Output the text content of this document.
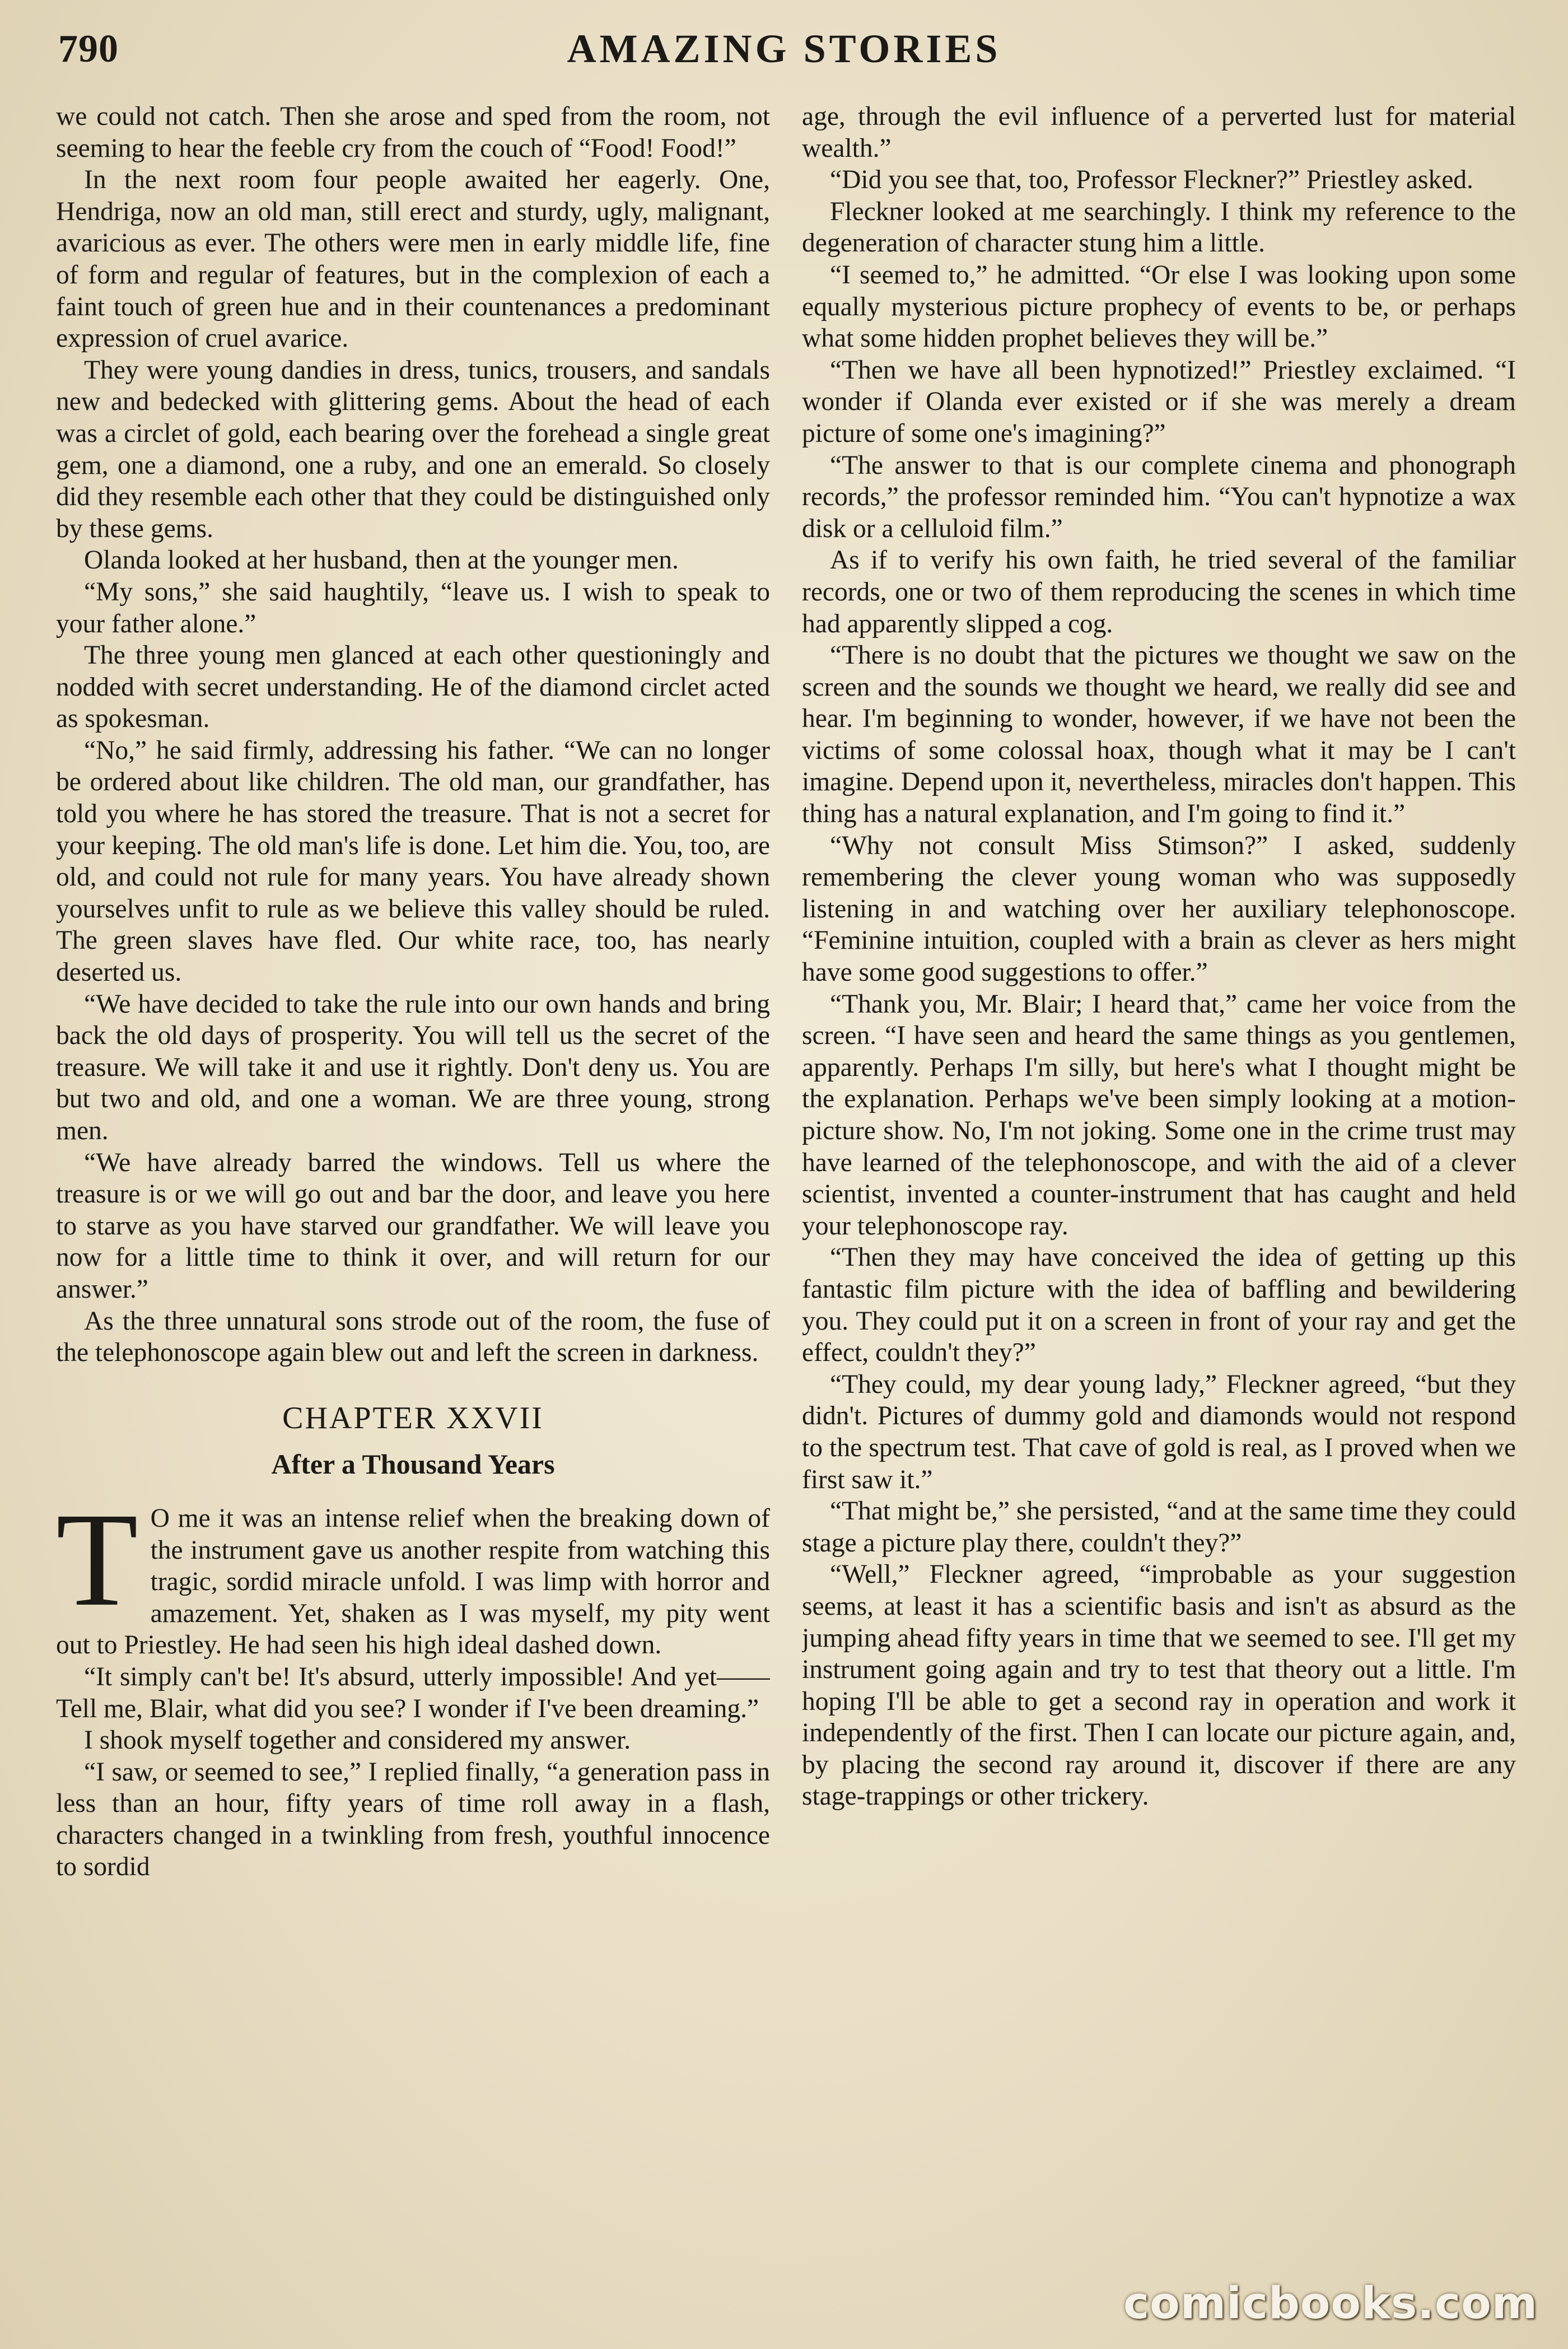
790	AMAZING STORIES

we could not catch. Then she arose and sped from the room, not seeming to hear the feeble cry from the couch of “Food! Food!”

In the next room four people awaited her eagerly. One, Hendriga, now an old man, still erect and sturdy, ugly, malignant, avaricious as ever. The others were men in early middle life, fine of form and regular of features, but in the complexion of each a faint touch of green hue and in their countenances a predominant expression of cruel avarice.

They were young dandies in dress, tunics, trousers, and sandals new and bedecked with glittering gems. About the head of each was a circlet of gold, each bearing over the forehead a single great gem, one a diamond, one a ruby, and one an emerald. So closely did they resemble each other that they could be distinguished only by these gems.

Olanda looked at her husband, then at the younger men.

“My sons,” she said haughtily, “leave us. I wish to speak to your father alone.”

The three young men glanced at each other questioningly and nodded with secret understanding. He of the diamond circlet acted as spokesman.

“No,” he said firmly, addressing his father. “We can no longer be ordered about like children. The old man, our grandfather, has told you where he has stored the treasure. That is not a secret for your keeping. The old man's life is done. Let him die. You, too, are old, and could not rule for many years. You have already shown yourselves unfit to rule as we believe this valley should be ruled. The green slaves have fled. Our white race, too, has nearly deserted us.

“We have decided to take the rule into our own hands and bring back the old days of prosperity. You will tell us the secret of the treasure. We will take it and use it rightly. Don't deny us. You are but two and old, and one a woman. We are three young, strong men.

“We have already barred the windows. Tell us where the treasure is or we will go out and bar the door, and leave you here to starve as you have starved our grandfather. We will leave you now for a little time to think it over, and will return for our answer.”

As the three unnatural sons strode out of the room, the fuse of the telephonoscope again blew out and left the screen in darkness.

CHAPTER XXVII
After a Thousand Years

T O me it was an intense relief when the breaking down of the instrument gave us another respite from watching this tragic, sordid miracle unfold. I was limp with horror and amazement. Yet, shaken as I was myself, my pity went out to Priestley. He had seen his high ideal dashed down.

“It simply can't be! It's absurd, utterly impossible! And yet—— Tell me, Blair, what did you see? I wonder if I've been dreaming.”

I shook myself together and considered my answer.

“I saw, or seemed to see,” I replied finally, “a generation pass in less than an hour, fifty years of time roll away in a flash, characters changed in a twinkling from fresh, youthful innocence to sordid

age, through the evil influence of a perverted lust for material wealth.”

“Did you see that, too, Professor Fleckner?” Priestley asked.

Fleckner looked at me searchingly. I think my reference to the degeneration of character stung him a little.

“I seemed to,” he admitted. “Or else I was looking upon some equally mysterious picture prophecy of events to be, or perhaps what some hidden prophet believes they will be.”

“Then we have all been hypnotized!” Priestley exclaimed. “I wonder if Olanda ever existed or if she was merely a dream picture of some one's imagining?”

“The answer to that is our complete cinema and phonograph records,” the professor reminded him. “You can't hypnotize a wax disk or a celluloid film.”

As if to verify his own faith, he tried several of the familiar records, one or two of them reproducing the scenes in which time had apparently slipped a cog.

“There is no doubt that the pictures we thought we saw on the screen and the sounds we thought we heard, we really did see and hear. I'm beginning to wonder, however, if we have not been the victims of some colossal hoax, though what it may be I can't imagine. Depend upon it, nevertheless, miracles don't happen. This thing has a natural explanation, and I'm going to find it.”

“Why not consult Miss Stimson?” I asked, suddenly remembering the clever young woman who was supposedly listening in and watching over her auxiliary telephonoscope. “Feminine intuition, coupled with a brain as clever as hers might have some good suggestions to offer.”

“Thank you, Mr. Blair; I heard that,” came her voice from the screen. “I have seen and heard the same things as you gentlemen, apparently. Perhaps I'm silly, but here's what I thought might be the explanation. Perhaps we've been simply looking at a motion-picture show. No, I'm not joking. Some one in the crime trust may have learned of the telephonoscope, and with the aid of a clever scientist, invented a counter-instrument that has caught and held your telephonoscope ray.

“Then they may have conceived the idea of getting up this fantastic film picture with the idea of baffling and bewildering you. They could put it on a screen in front of your ray and get the effect, couldn't they?”

“They could, my dear young lady,” Fleckner agreed, “but they didn't. Pictures of dummy gold and diamonds would not respond to the spectrum test. That cave of gold is real, as I proved when we first saw it.”

“That might be,” she persisted, “and at the same time they could stage a picture play there, couldn't they?”

“Well,” Fleckner agreed, “improbable as your suggestion seems, at least it has a scientific basis and isn't as absurd as the jumping ahead fifty years in time that we seemed to see. I'll get my instrument going again and try to test that theory out a little. I'm hoping I'll be able to get a second ray in operation and work it independently of the first. Then I can locate our picture again, and, by placing the second ray around it, discover if there are any stage-trappings or other trickery.

comicbooks.com
